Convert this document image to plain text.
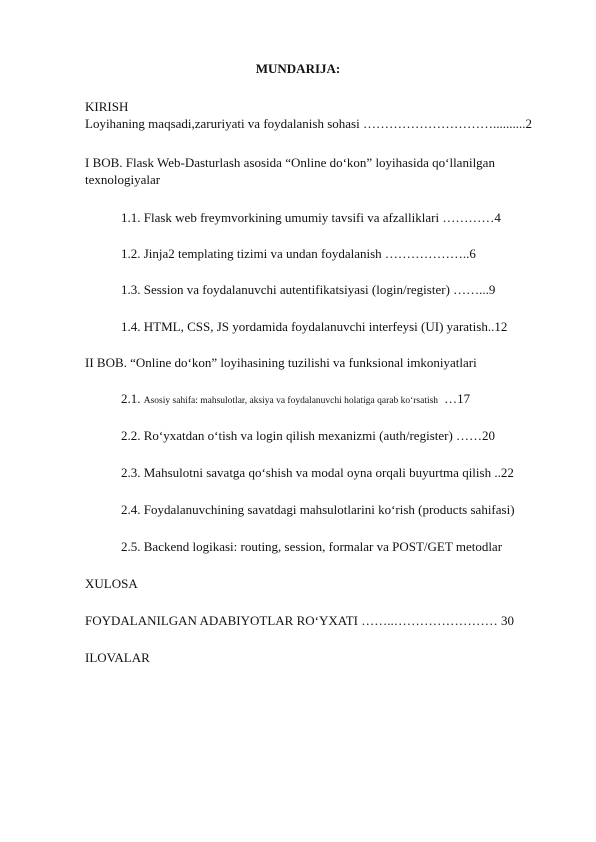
MUNDARIJA:
KIRISH
Loyihaning maqsadi,zaruriyati va foydalanish sohasi …………………………..........2
I BOB. Flask Web-Dasturlash asosida “Online do‘kon” loyihasida qo‘llanilgan
texnologiyalar
1.1. Flask web freymvorkining umumiy tavsifi va afzalliklari …………4
1.2. Jinja2 templating tizimi va undan foydalanish ………………..6
1.3. Session va foydalanuvchi autentifikatsiyasi (login/register) ……...9
1.4. HTML, CSS, JS yordamida foydalanuvchi interfeysi (UI) yaratish..12
II BOB. “Online do‘kon” loyihasining tuzilishi va funksional imkoniyatlari
2.1. Asosiy sahifa: mahsulotlar, aksiya va foydalanuvchi holatiga qarab ko‘rsatish …17
2.2. Ro‘yxatdan o‘tish va login qilish mexanizmi (auth/register) ……20
2.3. Mahsulotni savatga qo‘shish va modal oyna orqali buyurtma qilish ..22
2.4. Foydalanuvchining savatdagi mahsulotlarini ko‘rish (products sahifasi)
2.5. Backend logikasi: routing, session, formalar va POST/GET metodlar
XULOSA
FOYDALANILGAN ADABIYOTLAR RO‘YXATI ……..…………………… 30
ILOVALAR
